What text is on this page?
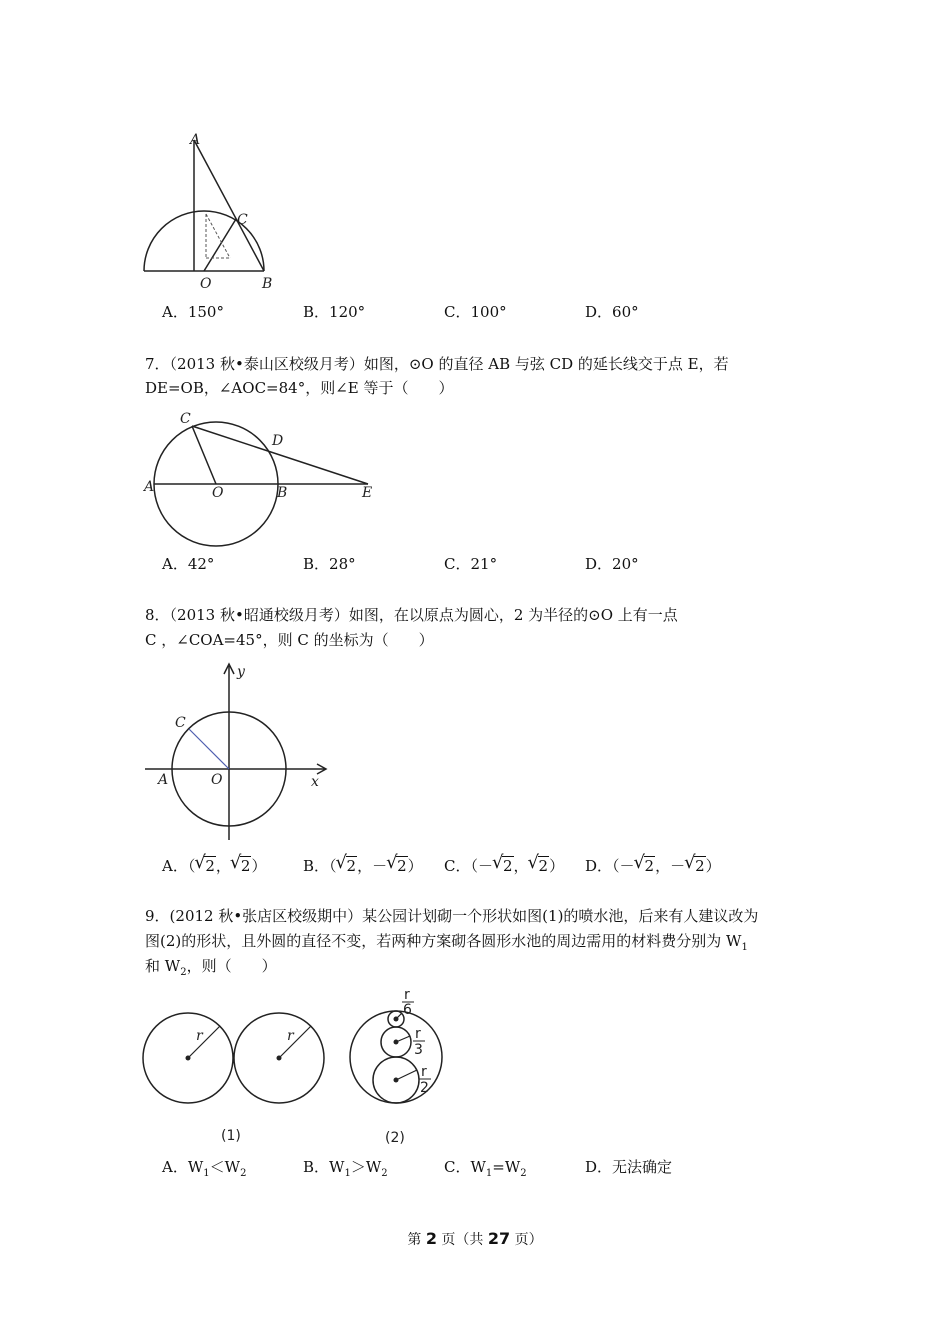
A
C
O	B
A．150°	B．120°	C．100°	D．60°
7．（2013 秋•泰山区校级月考）如图，⊙O 的直径 AB 与弦 CD 的延长线交于点 E，若
DE=OB，∠AOC=84°，则∠E 等于（　　）
C
D
A	O	B	E
A．42°	B．28°	C．21°	D．20°
8．（2013 秋•昭通校级月考）如图，在以原点为圆心，2 为半径的⊙O 上有一点
C ，∠COA=45°，则 C 的坐标为（　　）
y
C
A	O	x
A．（ √ 2， √ 2） B．（ √ 2，－ √ 2） C．（－ √ 2， √ 2） D．（－ √ 2，－ √ 2）
9．(2012 秋•张店区校级期中）某公园计划砌一个形状如图(1)的喷水池，后来有人建议改为
图(2)的形状，且外圆的直径不变，若两种方案砌各圆形水池的周边需用的材料费分别为 $W_1$
和 $W_2$，则（　　）
r	r
(1)
r
6
r
3
r
2
(2)
A．$W_1<W_2$	B．$W_1>W_2$	C．$W_1=W_2$	D．无法确定
第 2 页（共 27 页）
